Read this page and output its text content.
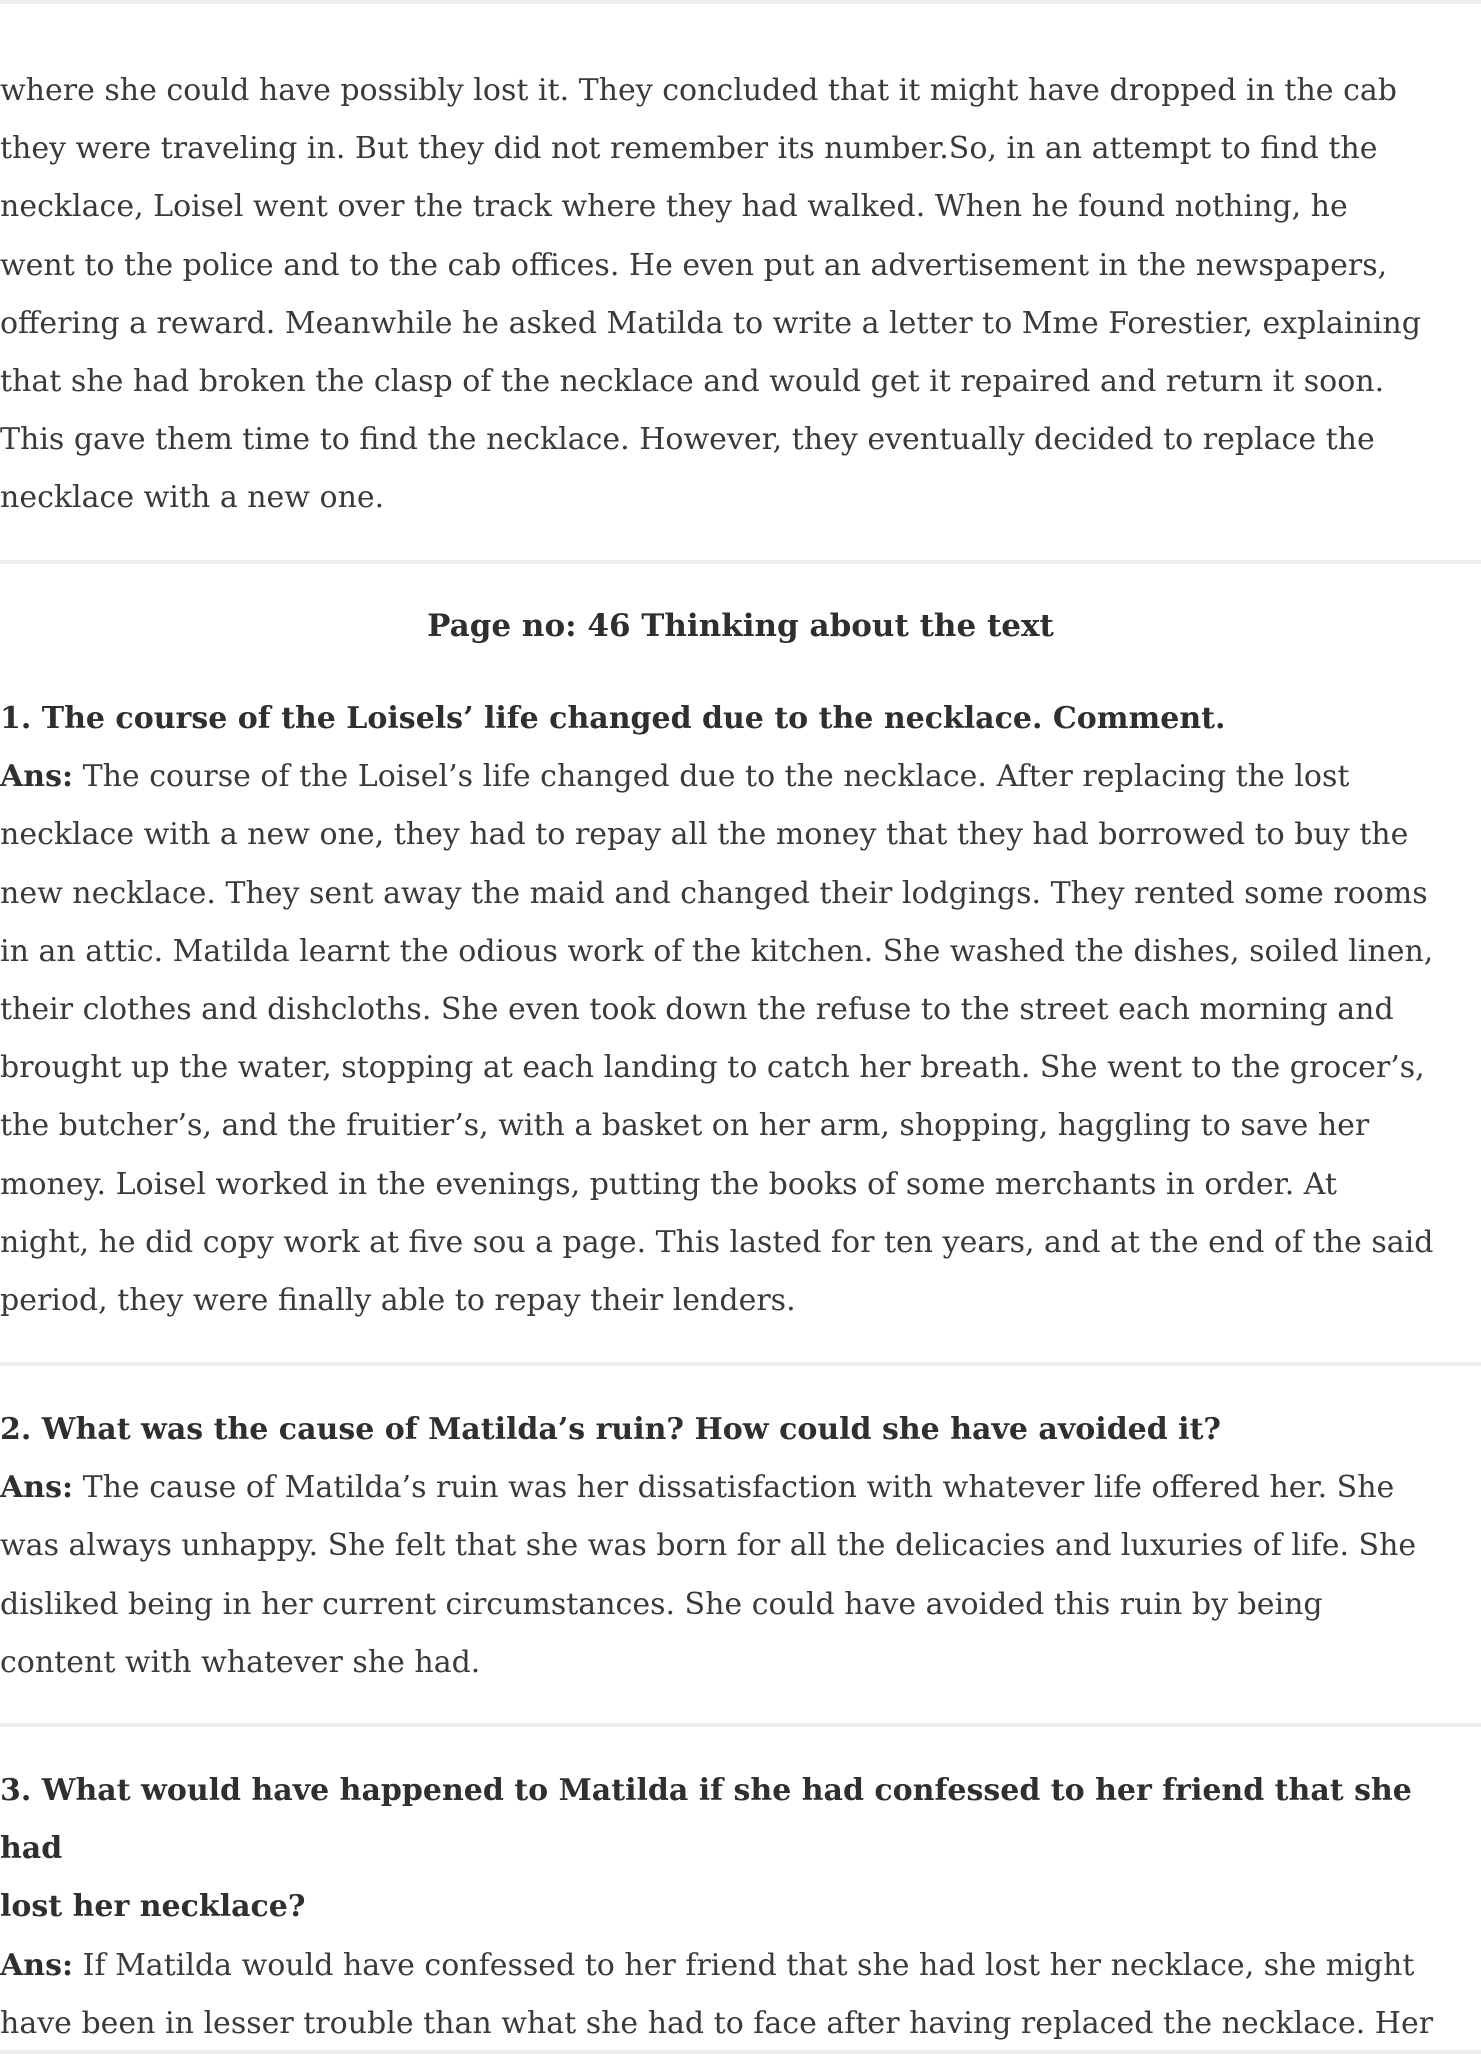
where she could have possibly lost it. They concluded that it might have dropped in the cab
they were traveling in. But they did not remember its number.So, in an attempt to find the
necklace, Loisel went over the track where they had walked. When he found nothing, he
went to the police and to the cab offices. He even put an advertisement in the newspapers,
offering a reward. Meanwhile he asked Matilda to write a letter to Mme Forestier, explaining
that she had broken the clasp of the necklace and would get it repaired and return it soon.
This gave them time to find the necklace. However, they eventually decided to replace the
necklace with a new one.

Page no: 46 Thinking about the text

1. The course of the Loisels’ life changed due to the necklace. Comment.
Ans: The course of the Loisel’s life changed due to the necklace. After replacing the lost
necklace with a new one, they had to repay all the money that they had borrowed to buy the
new necklace. They sent away the maid and changed their lodgings. They rented some rooms
in an attic. Matilda learnt the odious work of the kitchen. She washed the dishes, soiled linen,
their clothes and dishcloths. She even took down the refuse to the street each morning and
brought up the water, stopping at each landing to catch her breath. She went to the grocer’s,
the butcher’s, and the fruitier’s, with a basket on her arm, shopping, haggling to save her
money. Loisel worked in the evenings, putting the books of some merchants in order. At
night, he did copy work at five sou a page. This lasted for ten years, and at the end of the said
period, they were finally able to repay their lenders.

2. What was the cause of Matilda’s ruin? How could she have avoided it?
Ans: The cause of Matilda’s ruin was her dissatisfaction with whatever life offered her. She
was always unhappy. She felt that she was born for all the delicacies and luxuries of life. She
disliked being in her current circumstances. She could have avoided this ruin by being
content with whatever she had.

3. What would have happened to Matilda if she had confessed to her friend that she had
lost her necklace?
Ans: If Matilda would have confessed to her friend that she had lost her necklace, she might
have been in lesser trouble than what she had to face after having replaced the necklace. Her
